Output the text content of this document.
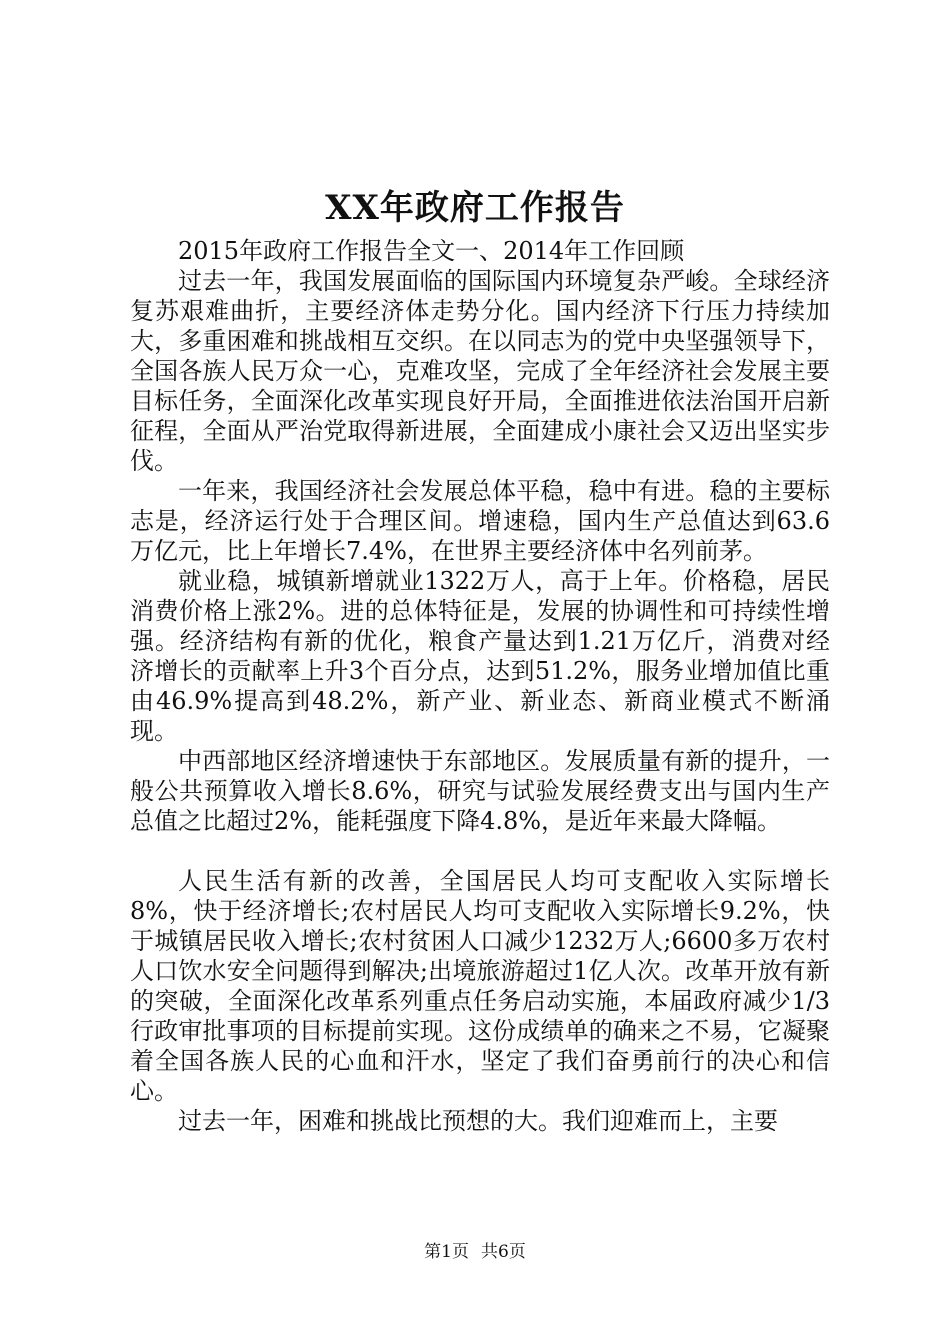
XX年政府工作报告

2015年政府工作报告全文一、2014年工作回顾

过去一年，我国发展面临的国际国内环境复杂严峻。全球经济复苏艰难曲折，主要经济体走势分化。国内经济下行压力持续加大，多重困难和挑战相互交织。在以同志为的党中央坚强领导下，全国各族人民万众一心，克难攻坚，完成了全年经济社会发展主要目标任务，全面深化改革实现良好开局，全面推进依法治国开启新征程，全面从严治党取得新进展，全面建成小康社会又迈出坚实步伐。

一年来，我国经济社会发展总体平稳，稳中有进。稳的主要标志是，经济运行处于合理区间。增速稳，国内生产总值达到63.6万亿元，比上年增长7.4%，在世界主要经济体中名列前茅。

就业稳，城镇新增就业1322万人，高于上年。价格稳，居民消费价格上涨2%。进的总体特征是，发展的协调性和可持续性增强。经济结构有新的优化，粮食产量达到1.21万亿斤，消费对经济增长的贡献率上升3个百分点，达到51.2%，服务业增加值比重由46.9%提高到48.2%，新产业、新业态、新商业模式不断涌现。

中西部地区经济增速快于东部地区。发展质量有新的提升，一般公共预算收入增长8.6%，研究与试验发展经费支出与国内生产总值之比超过2%，能耗强度下降4.8%，是近年来最大降幅。

人民生活有新的改善，全国居民人均可支配收入实际增长8%，快于经济增长;农村居民人均可支配收入实际增长9.2%，快于城镇居民收入增长;农村贫困人口减少1232万人;6600多万农村人口饮水安全问题得到解决;出境旅游超过1亿人次。改革开放有新的突破，全面深化改革系列重点任务启动实施，本届政府减少1/3行政审批事项的目标提前实现。这份成绩单的确来之不易，它凝聚着全国各族人民的心血和汗水，坚定了我们奋勇前行的决心和信心。

过去一年，困难和挑战比预想的大。我们迎难而上，主要

第1页 共6页
